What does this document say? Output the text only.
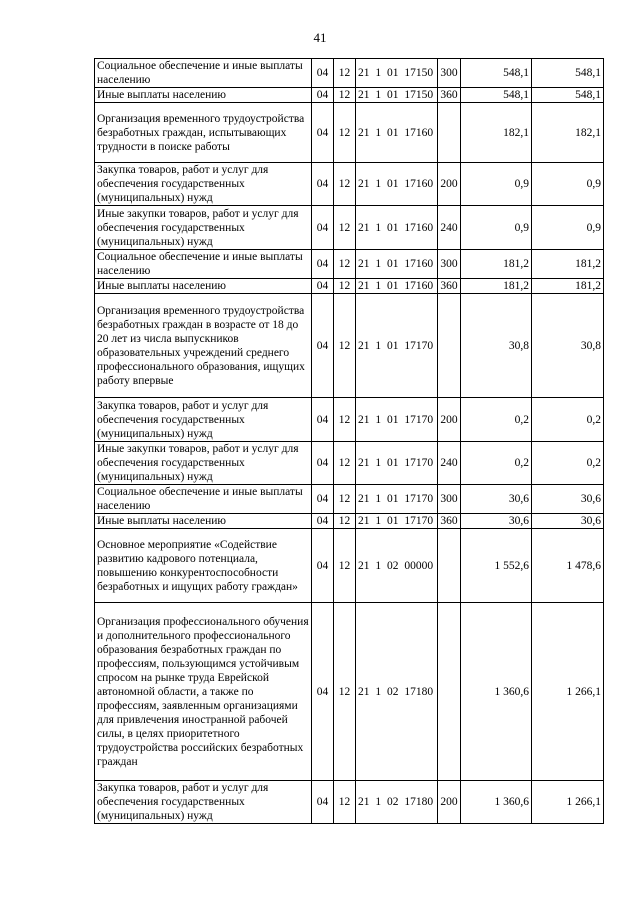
41
Социальное обеспечение и иные выплаты населению	04	12	21 1 01 17150	300	548,1	548,1
Иные выплаты населению	04	12	21 1 01 17150	360	548,1	548,1
Организация временного трудоустройства безработных граждан, испытывающих трудности в поиске работы	04	12	21 1 01 17160		182,1	182,1
Закупка товаров, работ и услуг для обеспечения государственных (муниципальных) нужд	04	12	21 1 01 17160	200	0,9	0,9
Иные закупки товаров, работ и услуг для обеспечения государственных (муниципальных) нужд	04	12	21 1 01 17160	240	0,9	0,9
Социальное обеспечение и иные выплаты населению	04	12	21 1 01 17160	300	181,2	181,2
Иные выплаты населению	04	12	21 1 01 17160	360	181,2	181,2
Организация временного трудоустройства безработных граждан в возрасте от 18 до 20 лет из числа выпускников образовательных учреждений среднего профессионального образования, ищущих работу впервые	04	12	21 1 01 17170		30,8	30,8
Закупка товаров, работ и услуг для обеспечения государственных (муниципальных) нужд	04	12	21 1 01 17170	200	0,2	0,2
Иные закупки товаров, работ и услуг для обеспечения государственных (муниципальных) нужд	04	12	21 1 01 17170	240	0,2	0,2
Социальное обеспечение и иные выплаты населению	04	12	21 1 01 17170	300	30,6	30,6
Иные выплаты населению	04	12	21 1 01 17170	360	30,6	30,6
Основное мероприятие «Содействие развитию кадрового потенциала, повышению конкурентоспособности безработных и ищущих работу граждан»	04	12	21 1 02 00000		1 552,6	1 478,6
Организация профессионального обучения и дополнительного профессионального образования безработных граждан по профессиям, пользующимся устойчивым спросом на рынке труда Еврейской автономной области, а также по профессиям, заявленным организациями для привлечения иностранной рабочей силы, в целях приоритетного трудоустройства российских безработных граждан	04	12	21 1 02 17180		1 360,6	1 266,1
Закупка товаров, работ и услуг для обеспечения государственных (муниципальных) нужд	04	12	21 1 02 17180	200	1 360,6	1 266,1
